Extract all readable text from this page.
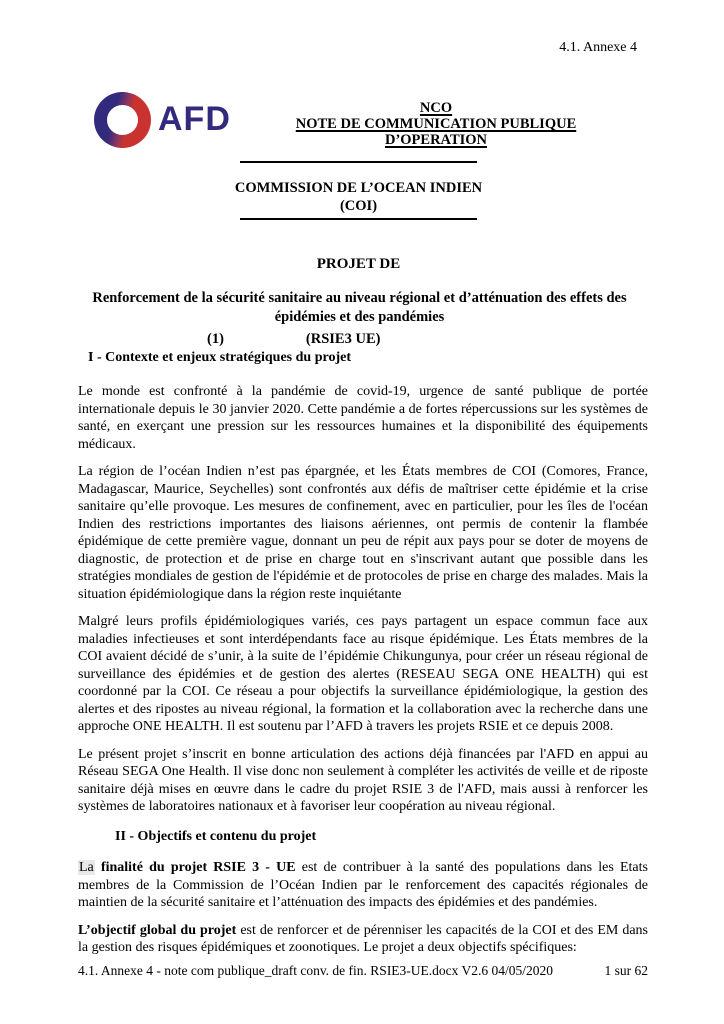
4.1. Annexe 4
AFD	NCO
NOTE DE COMMUNICATION PUBLIQUE D’OPERATION
COMMISSION DE L’OCEAN INDIEN
(COI)
PROJET DE
Renforcement de la sécurité sanitaire au niveau régional et d’atténuation des effets des épidémies et des pandémies
(1)	(RSIE3 UE)
I - Contexte et enjeux stratégiques du projet

Le monde est confronté à la pandémie de covid-19, urgence de santé publique de portée internationale depuis le 30 janvier 2020. Cette pandémie a de fortes répercussions sur les systèmes de santé, en exerçant une pression sur les ressources humaines et la disponibilité des équipements médicaux.

La région de l’océan Indien n’est pas épargnée, et les États membres de COI (Comores, France, Madagascar, Maurice, Seychelles) sont confrontés aux défis de maîtriser cette épidémie et la crise sanitaire qu’elle provoque. Les mesures de confinement, avec en particulier, pour les îles de l'océan Indien des restrictions importantes des liaisons aériennes, ont permis de contenir la flambée épidémique de cette première vague, donnant un peu de répit aux pays pour se doter de moyens de diagnostic, de protection et de prise en charge tout en s'inscrivant autant que possible dans les stratégies mondiales de gestion de l'épidémie et de protocoles de prise en charge des malades. Mais la situation épidémiologique dans la région reste inquiétante

Malgré leurs profils épidémiologiques variés, ces pays partagent un espace commun face aux maladies infectieuses et sont interdépendants face au risque épidémique. Les États membres de la COI avaient décidé de s’unir, à la suite de l’épidémie Chikungunya, pour créer un réseau régional de surveillance des épidémies et de gestion des alertes (RESEAU SEGA ONE HEALTH) qui est coordonné par la COI. Ce réseau a pour objectifs la surveillance épidémiologique, la gestion des alertes et des ripostes au niveau régional, la formation et la collaboration avec la recherche dans une approche ONE HEALTH. Il est soutenu par l’AFD à travers les projets RSIE et ce depuis 2008.

Le présent projet s’inscrit en bonne articulation des actions déjà financées par l'AFD en appui au Réseau SEGA One Health. Il vise donc non seulement à compléter les activités de veille et de riposte sanitaire déjà mises en œuvre dans le cadre du projet RSIE 3 de l'AFD, mais aussi à renforcer les systèmes de laboratoires nationaux et à favoriser leur coopération au niveau régional.

II - Objectifs et contenu du projet

La finalité du projet RSIE 3 - UE est de contribuer à la santé des populations dans les Etats membres de la Commission de l’Océan Indien par le renforcement des capacités régionales de maintien de la sécurité sanitaire et l’atténuation des impacts des épidémies et des pandémies.

L’objectif global du projet est de renforcer et de pérenniser les capacités de la COI et des EM dans la gestion des risques épidémiques et zoonotiques. Le projet a deux objectifs spécifiques:

4.1. Annexe 4 - note com publique_draft conv. de fin. RSIE3-UE.docx V2.6 04/05/2020	1 sur 62
